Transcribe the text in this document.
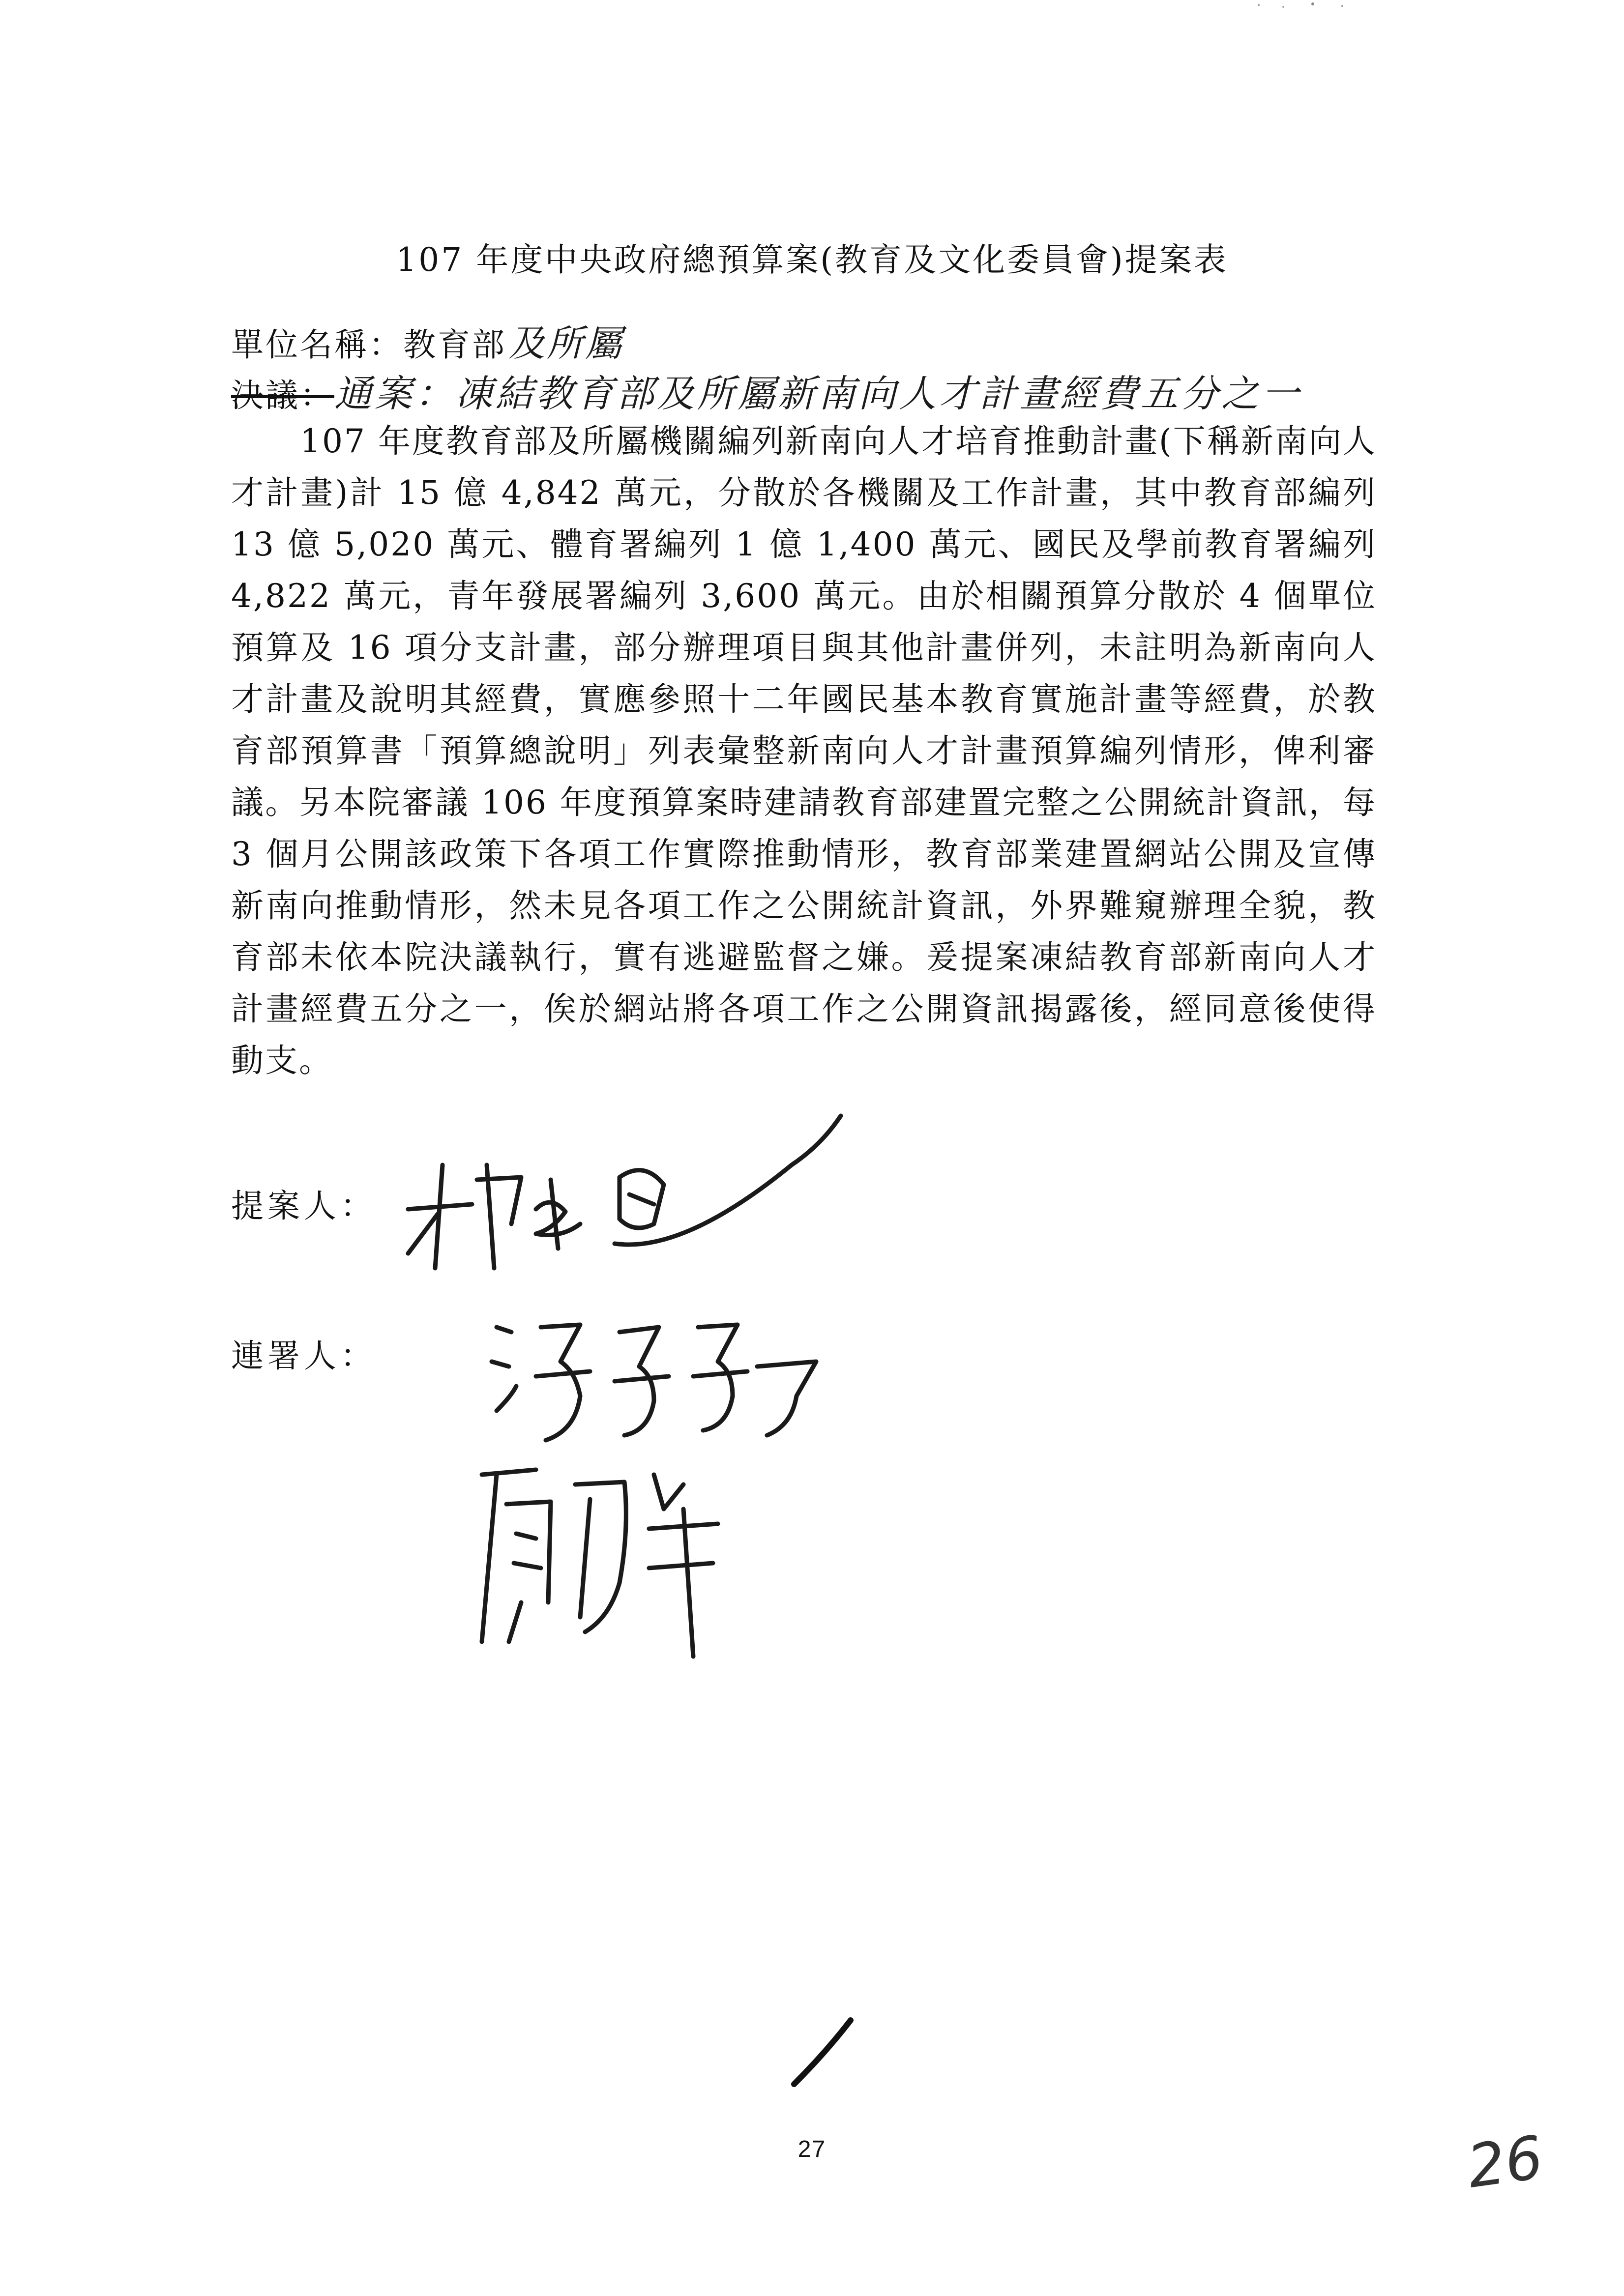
107 年度中央政府總預算案(教育及文化委員會)提案表
單位名稱：教育部及所屬
決議：通案：凍結教育部及所屬新南向人才計畫經費五分之一
107 年度教育部及所屬機關編列新南向人才培育推動計畫(下稱新南向人才計畫)計 15 億 4,842 萬元，分散於各機關及工作計畫，其中教育部編列 13 億 5,020 萬元、體育署編列 1 億 1,400 萬元、國民及學前教育署編列 4,822 萬元，青年發展署編列 3,600 萬元。由於相關預算分散於 4 個單位預算及 16 項分支計畫，部分辦理項目與其他計畫併列，未註明為新南向人才計畫及說明其經費，實應參照十二年國民基本教育實施計畫等經費，於教育部預算書「預算總說明」列表彙整新南向人才計畫預算編列情形，俾利審議。另本院審議 106 年度預算案時建請教育部建置完整之公開統計資訊，每 3 個月公開該政策下各項工作實際推動情形，教育部業建置網站公開及宣傳新南向推動情形，然未見各項工作之公開統計資訊，外界難窺辦理全貌，教育部未依本院決議執行，實有逃避監督之嫌。爰提案凍結教育部新南向人才計畫經費五分之一，俟於網站將各項工作之公開資訊揭露後，經同意後使得動支。
提案人：
連署人：
27	26
